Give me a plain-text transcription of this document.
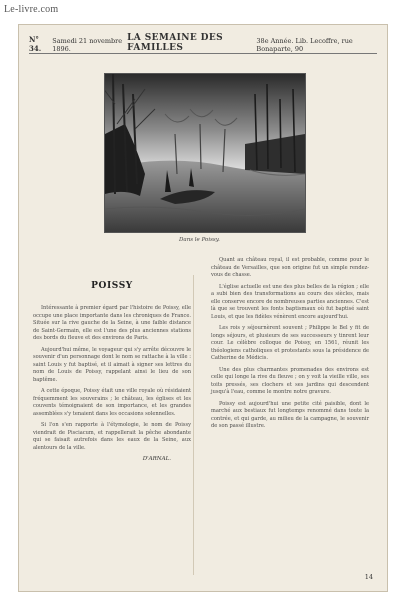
Le-livre.com
N° 34.
Samedi 21 novembre 1896.
LA SEMAINE DES FAMILLES
38e Année. Lib. Lecoffre, rue Bonaparte, 90
Dans le Poissy.
POISSY

Intéressante à premier égard par l'histoire de Poissy, elle occupe une place importante dans les chroniques de France. Située sur la rive gauche de la Seine, à une faible distance de Saint-Germain, elle est l'une des plus anciennes stations des bords du fleuve et des environs de Paris.

Aujourd'hui même, le voyageur qui s'y arrête découvre le souvenir d'un personnage dont le nom se rattache à la ville : saint Louis y fut baptisé, et il aimait à signer ses lettres du nom de Louis de Poissy, rappelant ainsi le lieu de son baptême.

A cette époque, Poissy était une ville royale où résidaient fréquemment les souverains ; le château, les églises et les couvents témoignaient de son importance, et les grandes assemblées s'y tenaient dans les occasions solennelles.

Si l'on s'en rapporte à l'étymologie, le nom de Poissy viendrait de Pisciacum, et rappellerait la pêche abondante qui se faisait autrefois dans les eaux de la Seine, aux alentours de la ville.

D'ARNAL.

Quant au château royal, il est probable, comme pour le château de Versailles, que son origine fut un simple rendez-vous de chasse.

L'église actuelle est une des plus belles de la région ; elle a subi bien des transformations au cours des siècles, mais elle conserve encore de nombreuses parties anciennes. C'est là que se trouvent les fonts baptismaux où fut baptisé saint Louis, et que les fidèles vénèrent encore aujourd'hui.

Les rois y séjournèrent souvent ; Philippe le Bel y fit de longs séjours, et plusieurs de ses successeurs y tinrent leur cour. Le célèbre colloque de Poissy, en 1561, réunit les théologiens catholiques et protestants sous la présidence de Catherine de Médicis.

Une des plus charmantes promenades des environs est celle qui longe la rive du fleuve ; on y voit la vieille ville, ses toits pressés, ses clochers et ses jardins qui descendent jusqu'à l'eau, comme le montre notre gravure.

Poissy est aujourd'hui une petite cité paisible, dont le marché aux bestiaux fut longtemps renommé dans toute la contrée, et qui garde, au milieu de la campagne, le souvenir de son passé illustre.

14
